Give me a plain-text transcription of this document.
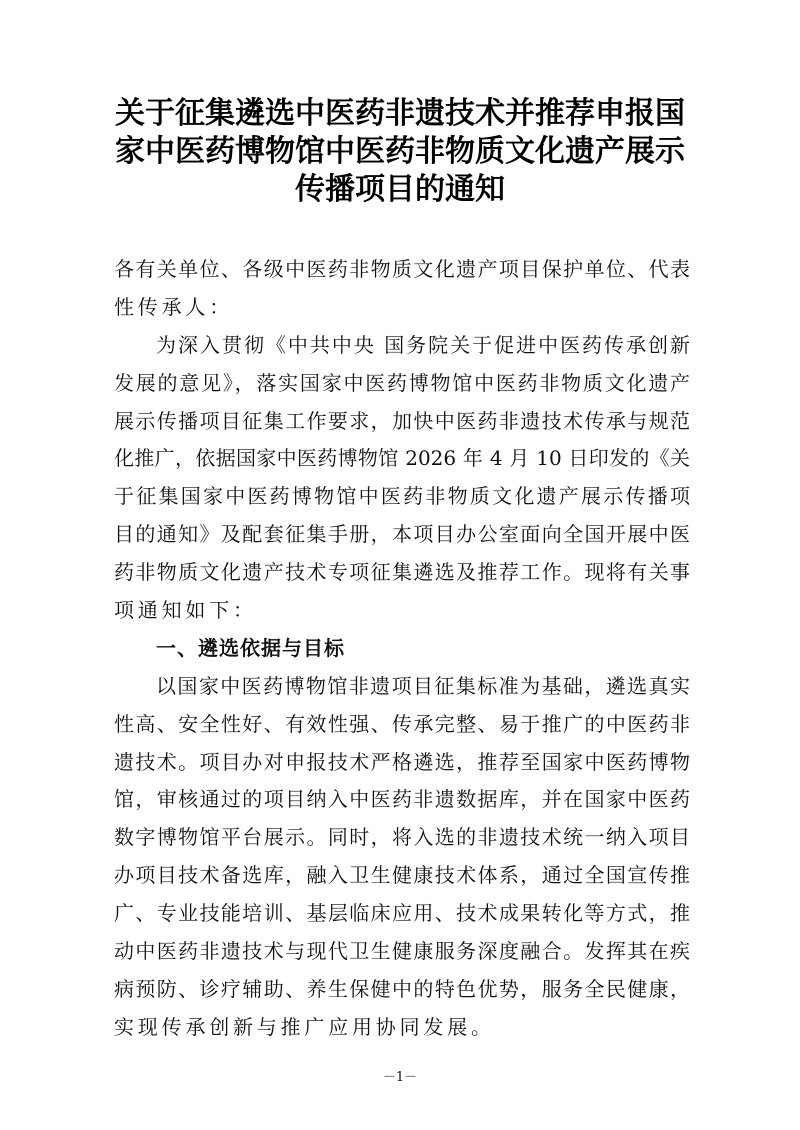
关于征集遴选中医药非遗技术并推荐申报国
家中医药博物馆中医药非物质文化遗产展示
传播项目的通知
各有关单位、各级中医药非物质文化遗产项目保护单位、代表
性传承人：
为深入贯彻《中共中央 国务院关于促进中医药传承创新
发展的意见》，落实国家中医药博物馆中医药非物质文化遗产
展示传播项目征集工作要求，加快中医药非遗技术传承与规范
化推广，依据国家中医药博物馆 2026 年 4 月 10 日印发的《关
于征集国家中医药博物馆中医药非物质文化遗产展示传播项
目的通知》及配套征集手册，本项目办公室面向全国开展中医
药非物质文化遗产技术专项征集遴选及推荐工作。现将有关事
项通知如下：
一、遴选依据与目标
以国家中医药博物馆非遗项目征集标准为基础，遴选真实
性高、安全性好、有效性强、传承完整、易于推广的中医药非
遗技术。项目办对申报技术严格遴选，推荐至国家中医药博物
馆，审核通过的项目纳入中医药非遗数据库，并在国家中医药
数字博物馆平台展示。同时，将入选的非遗技术统一纳入项目
办项目技术备选库，融入卫生健康技术体系，通过全国宣传推
广、专业技能培训、基层临床应用、技术成果转化等方式，推
动中医药非遗技术与现代卫生健康服务深度融合。发挥其在疾
病预防、诊疗辅助、养生保健中的特色优势，服务全民健康，
实现传承创新与推广应用协同发展。
－1－
